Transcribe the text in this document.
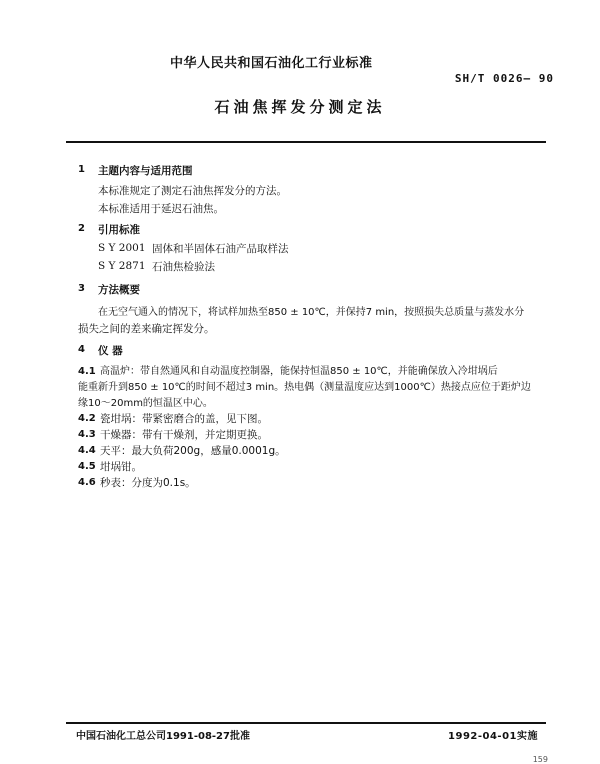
中华人民共和国石油化工行业标准
SH/T 0026— 90
石油焦挥发分测定法
1 主题内容与适用范围
本标准规定了测定石油焦挥发分的方法。
本标准适用于延迟石油焦。
2 引用标准
S Y 2001 固体和半固体石油产品取样法
S Y 2871 石油焦检验法
3 方法概要
在无空气通入的情况下，将试样加热至850 ± 10℃，并保持7 min，按照损失总质量与蒸发水分
损失之间的差来确定挥发分。
4 仪 器
4.1 高温炉：带自然通风和自动温度控制器，能保持恒温850 ± 10℃，并能确保放入冷坩埚后
能重新升到850 ± 10℃的时间不超过3 min。热电偶（测量温度应达到1000℃）热接点应位于距炉边
缘10～20mm的恒温区中心。
4.2 瓷坩埚：带紧密磨合的盖，见下图。
4.3 干燥器：带有干燥剂，并定期更换。
4.4 天平：最大负荷200g，感量0.0001g。
4.5 坩埚钳。
4.6 秒表：分度为0.1s。
中国石油化工总公司1991-08-27批准	1992-04-01实施
159
